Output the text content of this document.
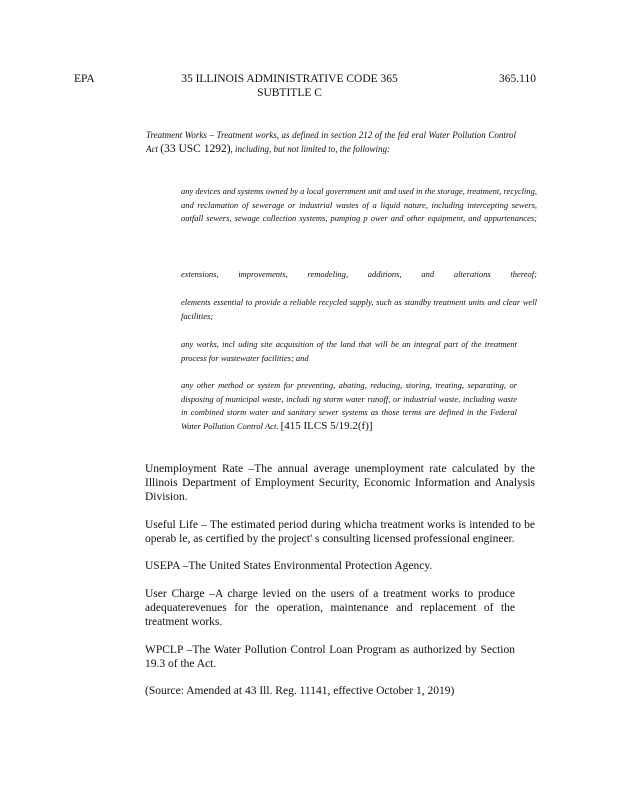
EPA	35 ILLINOIS ADMINISTRATIVE CODE 365
SUBTITLE C
365.110
Treatment Works – Treatment works, as defined in section 212 of the fed eral Water Pollution Control Act (33 USC 1292), including, but not limited to, the following:
any devices and systems owned by a local government unit and used in the storage, treatment, recycling, and reclamation of sewerage or industrial wastes of a liquid nature, including intercepting sewers, outfall sewers, sewage collection systems, pumping p ower and other equipment, and appurtenances;
extensions, improvements, remodeling, additions, and alterations thereof;
elements essential to provide a reliable recycled supply, such as standby treatment units and clear well facilities;
any works, incl uding site acquisition of the land that will be an integral part of the treatment process for wastewater facilities; and
any other method or system for preventing, abating, reducing, storing, treating, separating, or disposing of municipal waste, includi ng storm water runoff, or industrial waste, including waste in combined storm water and sanitary sewer systems as those terms are defined in the Federal Water Pollution Control Act. [415 ILCS 5/19.2(f)]
Unemployment Rate –The annual average unemployment rate calculated by the Illinois Department of Employment Security, Economic Information and Analysis Division.
Useful Life – The estimated period during whicha treatment works is intended to be operab le, as certified by the project' s consulting licensed professional engineer.
USEPA –The United States Environmental Protection Agency.
User Charge –A charge levied on the users of a treatment works to produce adequaterevenues for the operation, maintenance and replacement of the treatment works.
WPCLP –The Water Pollution Control Loan Program as authorized by Section 19.3 of the Act.
(Source: Amended at 43 Ill. Reg. 11141, effective October 1, 2019)
